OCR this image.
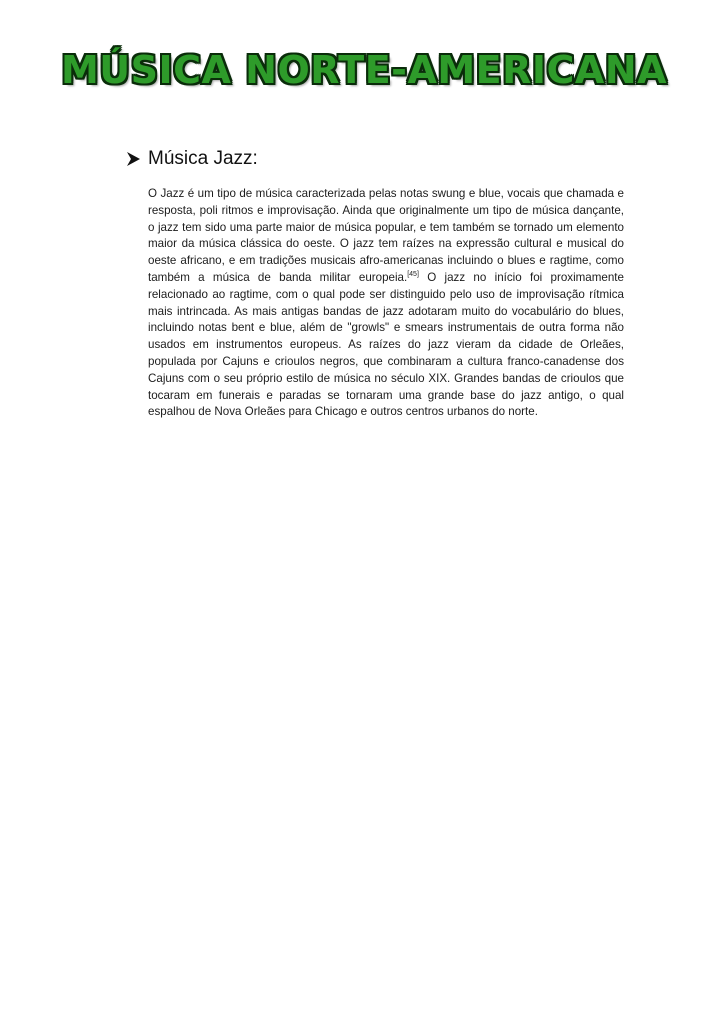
MÚSICA NORTE-AMERICANA
Música Jazz:

O Jazz é um tipo de música caracterizada pelas notas swung e blue, vocais que chamada e resposta, poli ritmos e improvisação. Ainda que originalmente um tipo de música dançante, o jazz tem sido uma parte maior de música popular, e tem também se tornado um elemento maior da música clássica do oeste. O jazz tem raízes na expressão cultural e musical do oeste africano, e em tradições musicais afro-americanas incluindo o blues e ragtime, como também a música de banda militar europeia.[45] O jazz no início foi proximamente relacionado ao ragtime, com o qual pode ser distinguido pelo uso de improvisação rítmica mais intrincada. As mais antigas bandas de jazz adotaram muito do vocabulário do blues, incluindo notas bent e blue, além de "growls" e smears instrumentais de outra forma não usados em instrumentos europeus. As raízes do jazz vieram da cidade de Orleães, populada por Cajuns e crioulos negros, que combinaram a cultura franco-canadense dos Cajuns com o seu próprio estilo de música no século XIX. Grandes bandas de crioulos que tocaram em funerais e paradas se tornaram uma grande base do jazz antigo, o qual espalhou de Nova Orleães para Chicago e outros centros urbanos do norte.
